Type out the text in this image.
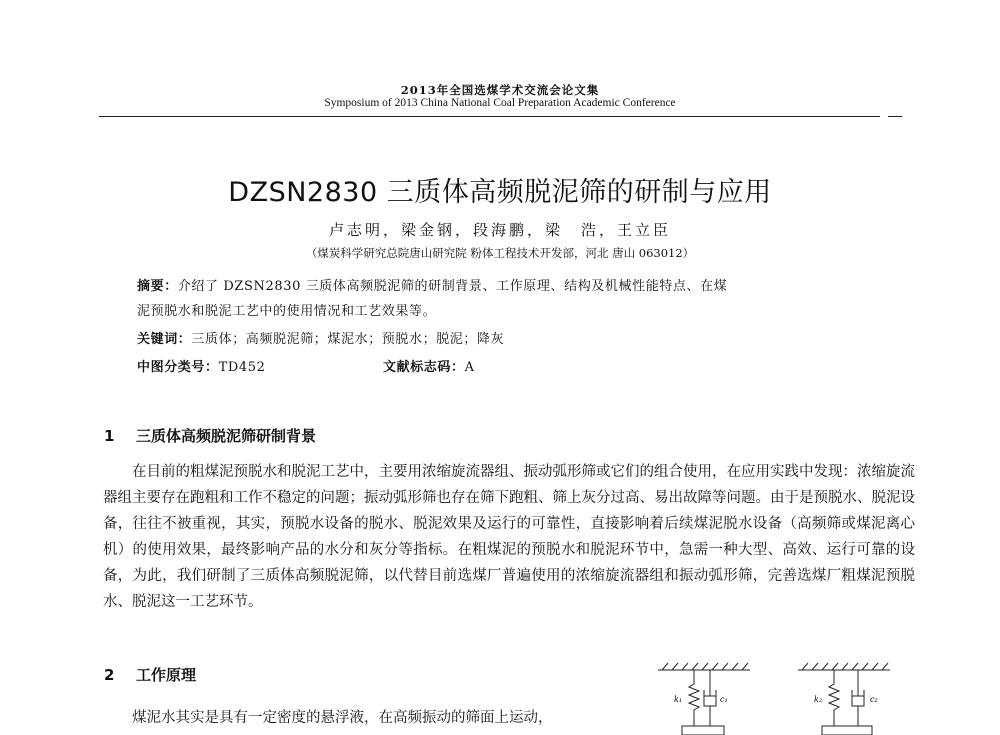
2013年全国选煤学术交流会论文集
Symposium of 2013 China National Coal Preparation Academic Conference
DZSN2830 三质体高频脱泥筛的研制与应用
卢志明，梁金钢，段海鹏，梁　浩，王立臣
（煤炭科学研究总院唐山研究院 粉体工程技术开发部，河北 唐山 063012）
摘要：介绍了 DZSN2830 三质体高频脱泥筛的研制背景、工作原理、结构及机械性能特点、在煤
泥预脱水和脱泥工艺中的使用情况和工艺效果等。
关键词：三质体；高频脱泥筛；煤泥水；预脱水；脱泥；降灰
中图分类号：TD452	文献标志码：A
1 三质体高频脱泥筛研制背景
在目前的粗煤泥预脱水和脱泥工艺中，主要用浓缩旋流器组、振动弧形筛或它们的组合使用，在应用实践中发现：浓缩旋流器组主要存在跑粗和工作不稳定的问题；振动弧形筛也存在筛下跑粗、筛上灰分过高、易出故障等问题。由于是预脱水、脱泥设备，往往不被重视，其实，预脱水设备的脱水、脱泥效果及运行的可靠性，直接影响着后续煤泥脱水设备（高频筛或煤泥离心机）的使用效果，最终影响产品的水分和灰分等指标。在粗煤泥的预脱水和脱泥环节中，急需一种大型、高效、运行可靠的设备，为此，我们研制了三质体高频脱泥筛，以代替目前选煤厂普遍使用的浓缩旋流器组和振动弧形筛，完善选煤厂粗煤泥预脱水、脱泥这一工艺环节。
2 工作原理
煤泥水其实是具有一定密度的悬浮液，在高频振动的筛面上运动，
k₁	c₁	k₂	c₂
